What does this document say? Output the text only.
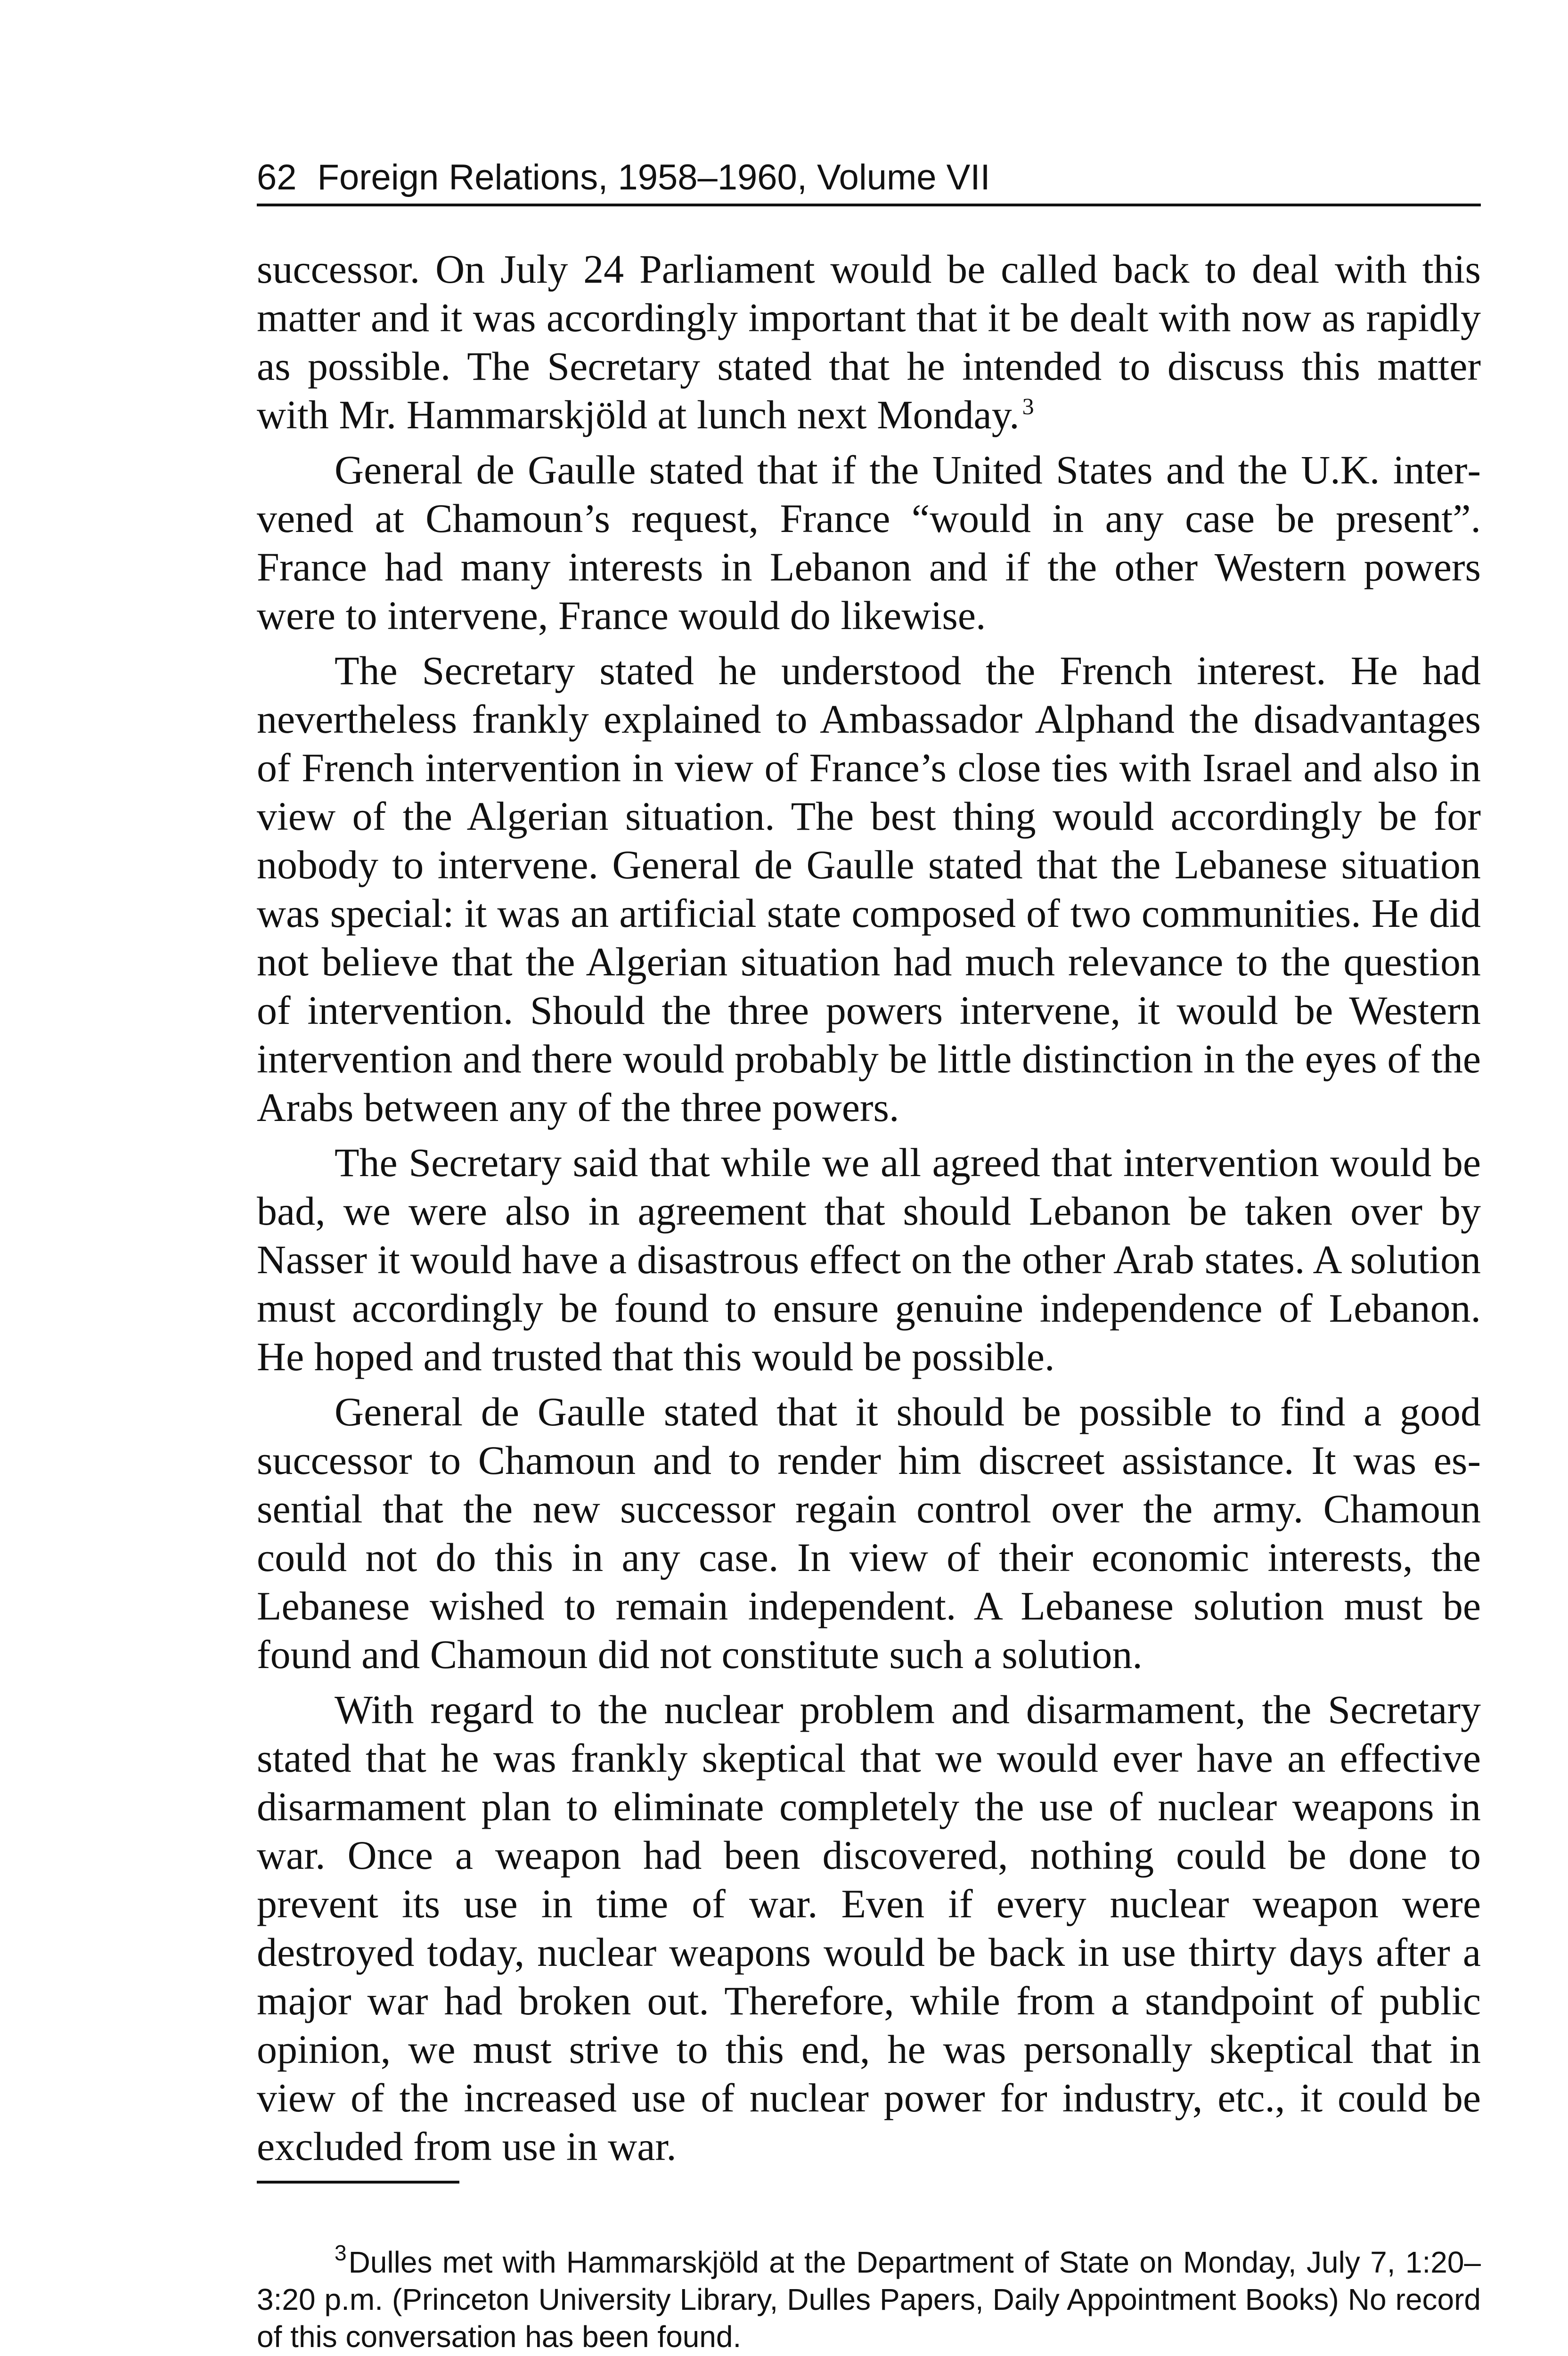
62 Foreign Relations, 1958–1960, Volume VII

successor. On July 24 Parliament would be called back to deal with this matter and it was accordingly important that it be dealt with now as rapidly as possible. The Secretary stated that he intended to discuss this matter with Mr. Hammarskjöld at lunch next Monday. $^3$

General de Gaulle stated that if the United States and the U.K. intervened at Chamoun’s request, France “would in any case be present”. France had many interests in Lebanon and if the other Western powers were to intervene, France would do likewise.

The Secretary stated he understood the French interest. He had nevertheless frankly explained to Ambassador Alphand the disadvantages of French intervention in view of France’s close ties with Israel and also in view of the Algerian situation. The best thing would accordingly be for nobody to intervene. General de Gaulle stated that the Lebanese situation was special: it was an artificial state composed of two communities. He did not believe that the Algerian situation had much relevance to the question of intervention. Should the three powers intervene, it would be Western intervention and there would probably be little distinction in the eyes of the Arabs between any of the three powers.

The Secretary said that while we all agreed that intervention would be bad, we were also in agreement that should Lebanon be taken over by Nasser it would have a disastrous effect on the other Arab states. A solution must accordingly be found to ensure genuine independence of Lebanon. He hoped and trusted that this would be possible.

General de Gaulle stated that it should be possible to find a good successor to Chamoun and to render him discreet assistance. It was essential that the new successor regain control over the army. Chamoun could not do this in any case. In view of their economic interests, the Lebanese wished to remain independent. A Lebanese solution must be found and Chamoun did not constitute such a solution.

With regard to the nuclear problem and disarmament, the Secretary stated that he was frankly skeptical that we would ever have an effective disarmament plan to eliminate completely the use of nuclear weapons in war. Once a weapon had been discovered, nothing could be done to prevent its use in time of war. Even if every nuclear weapon were destroyed today, nuclear weapons would be back in use thirty days after a major war had broken out. Therefore, while from a standpoint of public opinion, we must strive to this end, he was personally skeptical that in view of the increased use of nuclear power for industry, etc., it could be excluded from use in war.

$^3$Dulles met with Hammarskjöld at the Department of State on Monday, July 7, 1:20–3:20 p.m. (Princeton University Library, Dulles Papers, Daily Appointment Books) No record of this conversation has been found.
